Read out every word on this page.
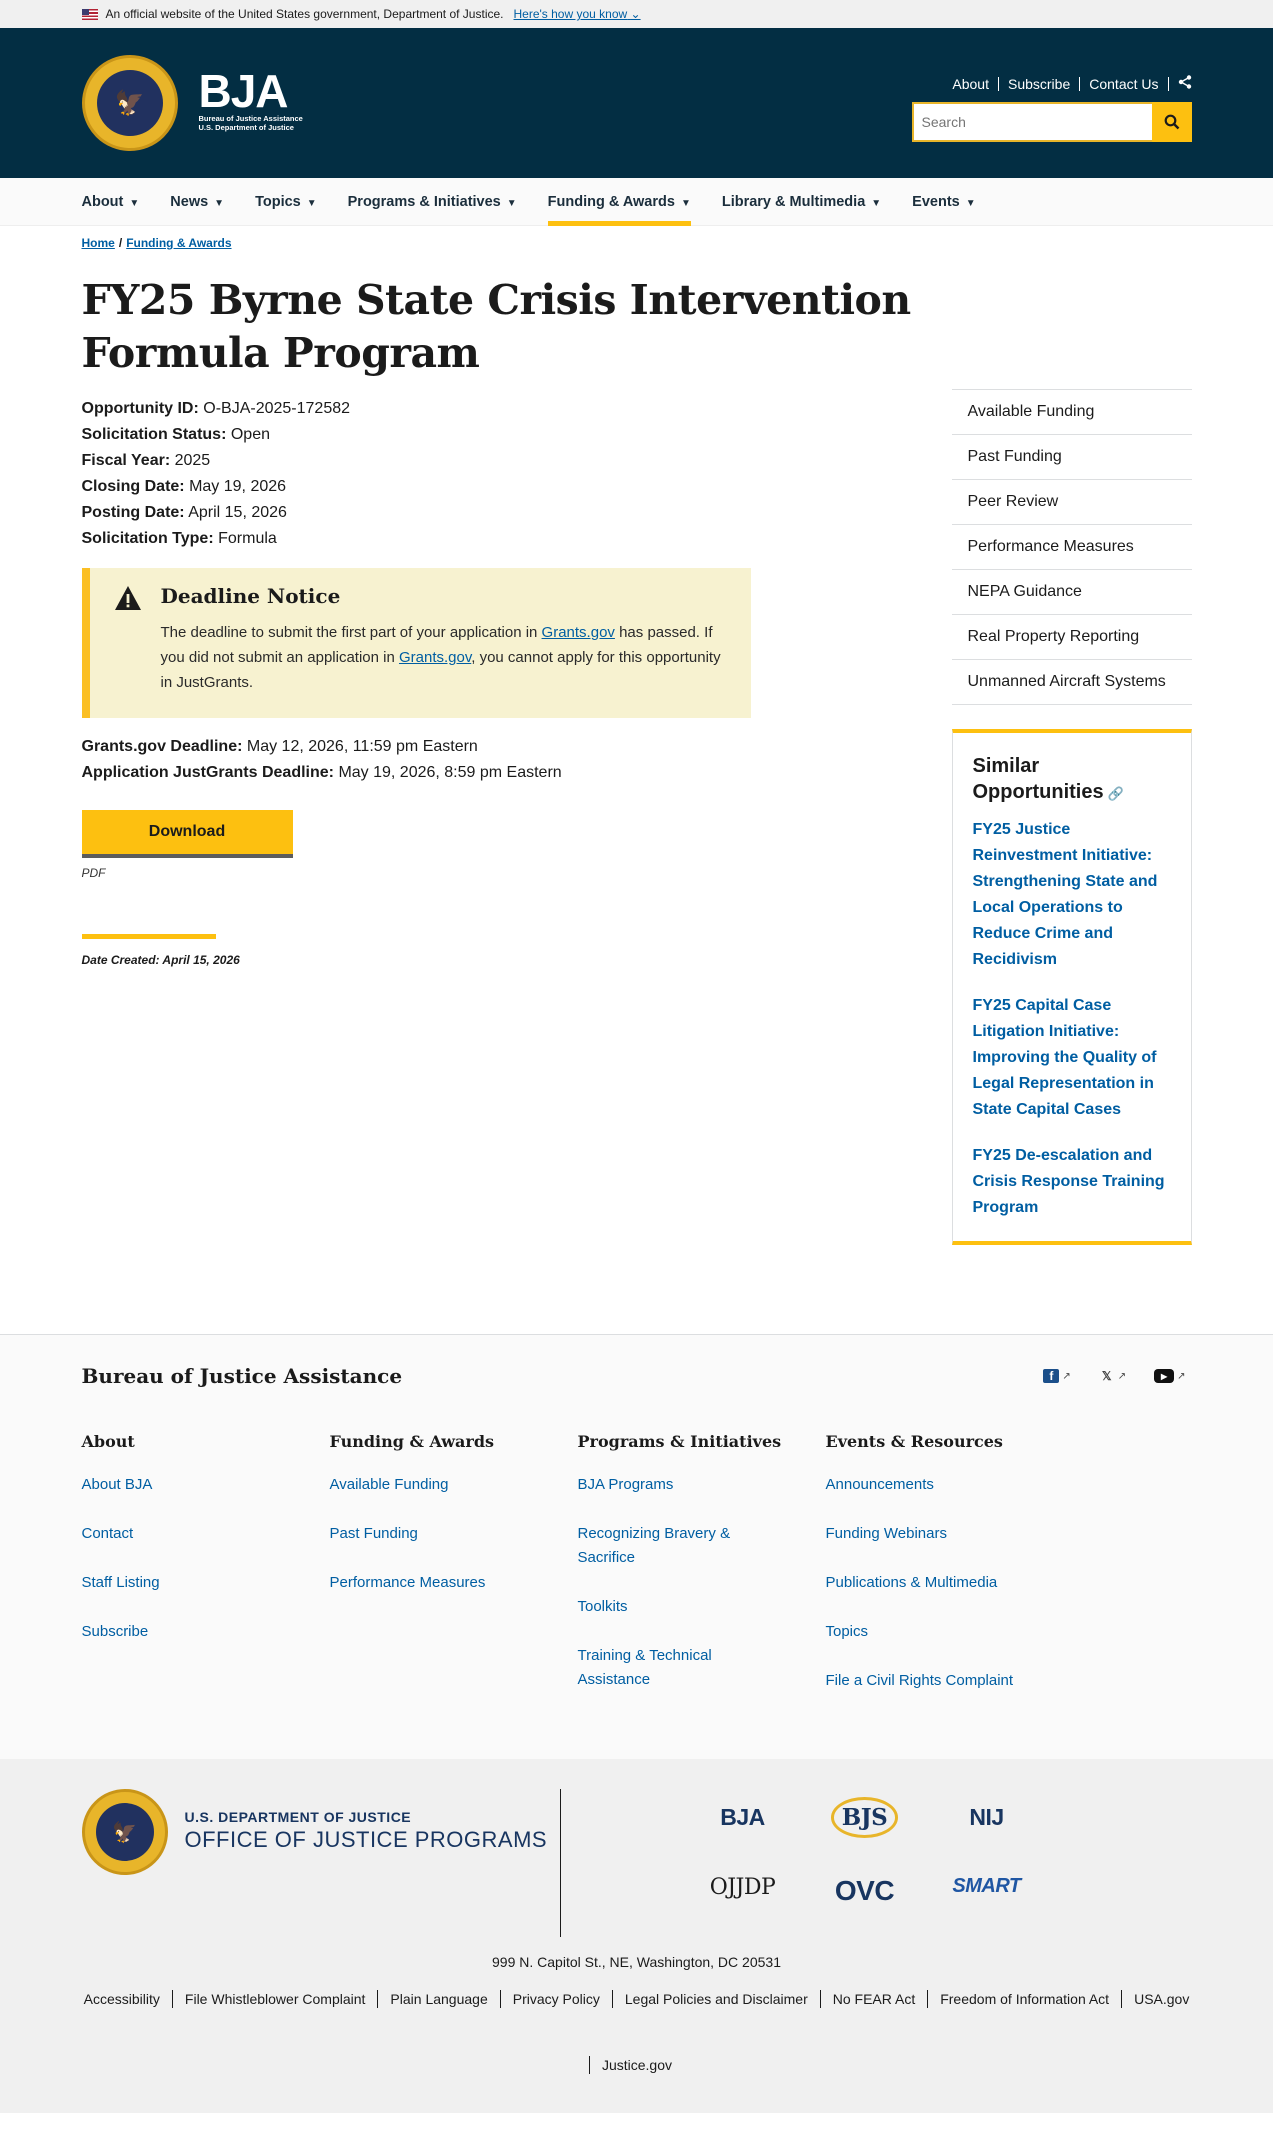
An official website of the United States government, Department of Justice. Here's how you know ⌄
🦅	BJA
Bureau of Justice Assistance
U.S. Department of Justice
About	Subscribe	Contact Us
Search
About ▼ News ▼ Topics ▼ Programs & Initiatives ▼ Funding & Awards ▼ Library & Multimedia ▼ Events ▼
Home / Funding & Awards
FY25 Byrne State Crisis Intervention Formula Program
Opportunity ID: O-BJA-2025-172582
Solicitation Status: Open
Fiscal Year: 2025
Closing Date: May 19, 2026
Posting Date: April 15, 2026
Solicitation Type: Formula
Deadline Notice

The deadline to submit the first part of your application in Grants.gov has passed. If you did not submit an application in Grants.gov, you cannot apply for this opportunity in JustGrants.

Grants.gov Deadline: May 12, 2026, 11:59 pm Eastern
Application JustGrants Deadline: May 19, 2026, 8:59 pm Eastern
Download
PDF
Date Created: April 15, 2026
Available Funding
Past Funding
Peer Review
Performance Measures
NEPA Guidance
Real Property Reporting
Unmanned Aircraft Systems
Similar Opportunities 🔗
FY25 Justice Reinvestment Initiative: Strengthening State and Local Operations to Reduce Crime and Recidivism
FY25 Capital Case Litigation Initiative: Improving the Quality of Legal Representation in State Capital Cases
FY25 De-escalation and Crisis Response Training Program
Bureau of Justice Assistance	f ↗	𝕏 ↗	▶ ↗
About
About BJA
Contact
Staff Listing
Subscribe
Funding & Awards
Available Funding
Past Funding
Performance Measures
Programs & Initiatives
BJA Programs
Recognizing Bravery & Sacrifice
Toolkits
Training & Technical Assistance
Events & Resources
Announcements
Funding Webinars
Publications & Multimedia
Topics
File a Civil Rights Complaint
🦅
U.S. DEPARTMENT OF JUSTICE
OFFICE OF JUSTICE PROGRAMS
BJA	BJS	NIJ
OJJDP	OVC	SMART
999 N. Capitol St., NE, Washington, DC 20531
Accessibility	File Whistleblower Complaint	Plain Language	Privacy Policy	Legal Policies and Disclaimer	No FEAR Act	Freedom of Information Act	USA.gov
Justice.gov
